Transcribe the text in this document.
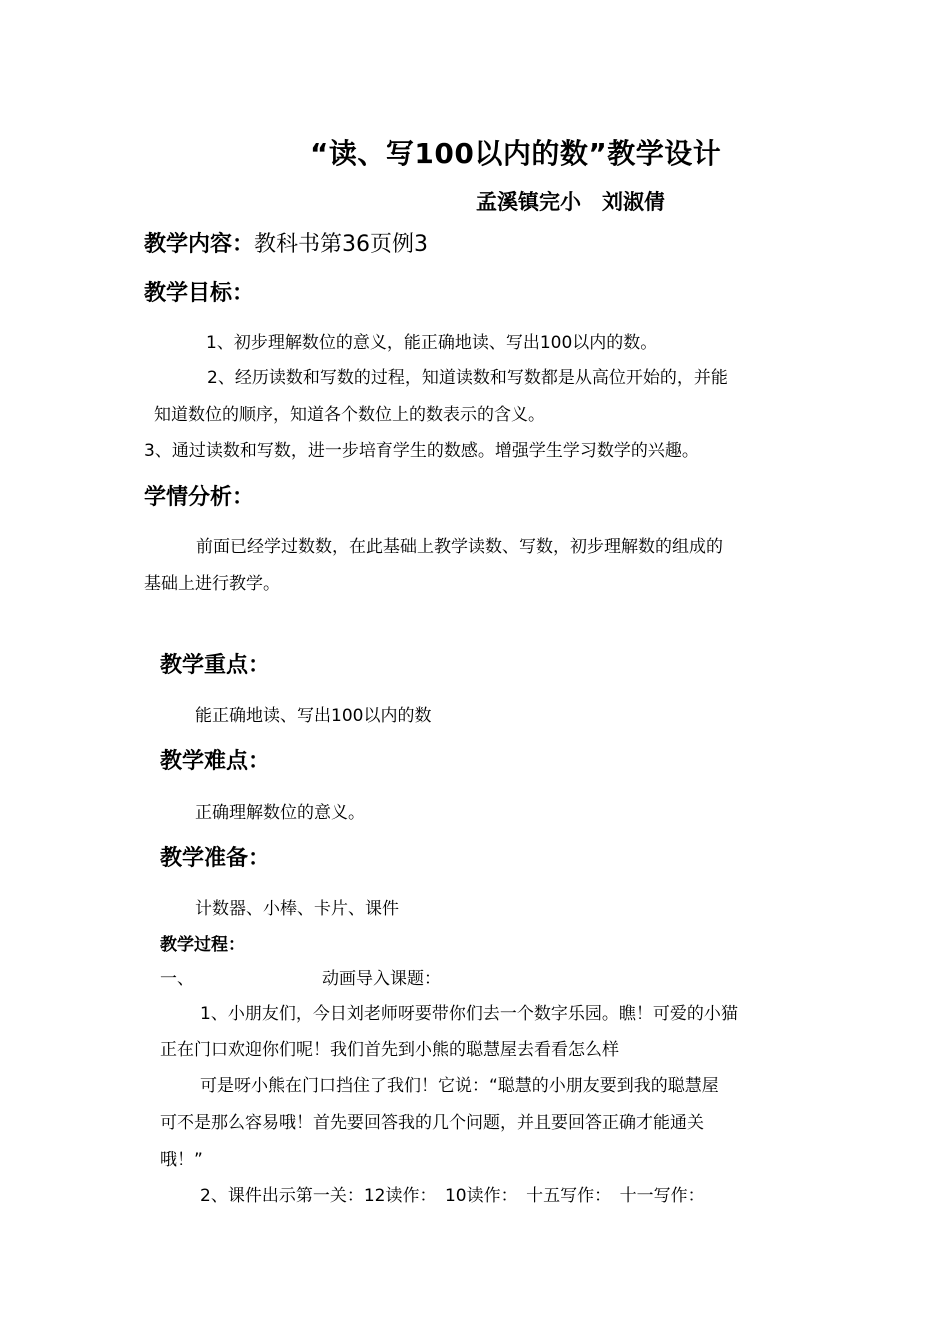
“读、写100以内的数”教学设计
孟溪镇完小　刘淑倩
教学内容：教科书第36页例3
教学目标：
1、初步理解数位的意义，能正确地读、写出100以内的数。
2、经历读数和写数的过程，知道读数和写数都是从高位开始的，并能
知道数位的顺序，知道各个数位上的数表示的含义。
3、通过读数和写数，进一步培育学生的数感。增强学生学习数学的兴趣。
学情分析：
前面已经学过数数，在此基础上教学读数、写数，初步理解数的组成的
基础上进行教学。
教学重点：
能正确地读、写出100以内的数
教学难点：
正确理解数位的意义。
教学准备：
计数器、小棒、卡片、课件
教学过程：
一、	动画导入课题：
1、小朋友们，今日刘老师呀要带你们去一个数字乐园。瞧！可爱的小猫
正在门口欢迎你们呢！我们首先到小熊的聪慧屋去看看怎么样
可是呀小熊在门口挡住了我们！它说：“聪慧的小朋友要到我的聪慧屋
可不是那么容易哦！首先要回答我的几个问题，并且要回答正确才能通关
哦！”
2、课件出示第一关：12读作：　10读作：　十五写作：　十一写作：
